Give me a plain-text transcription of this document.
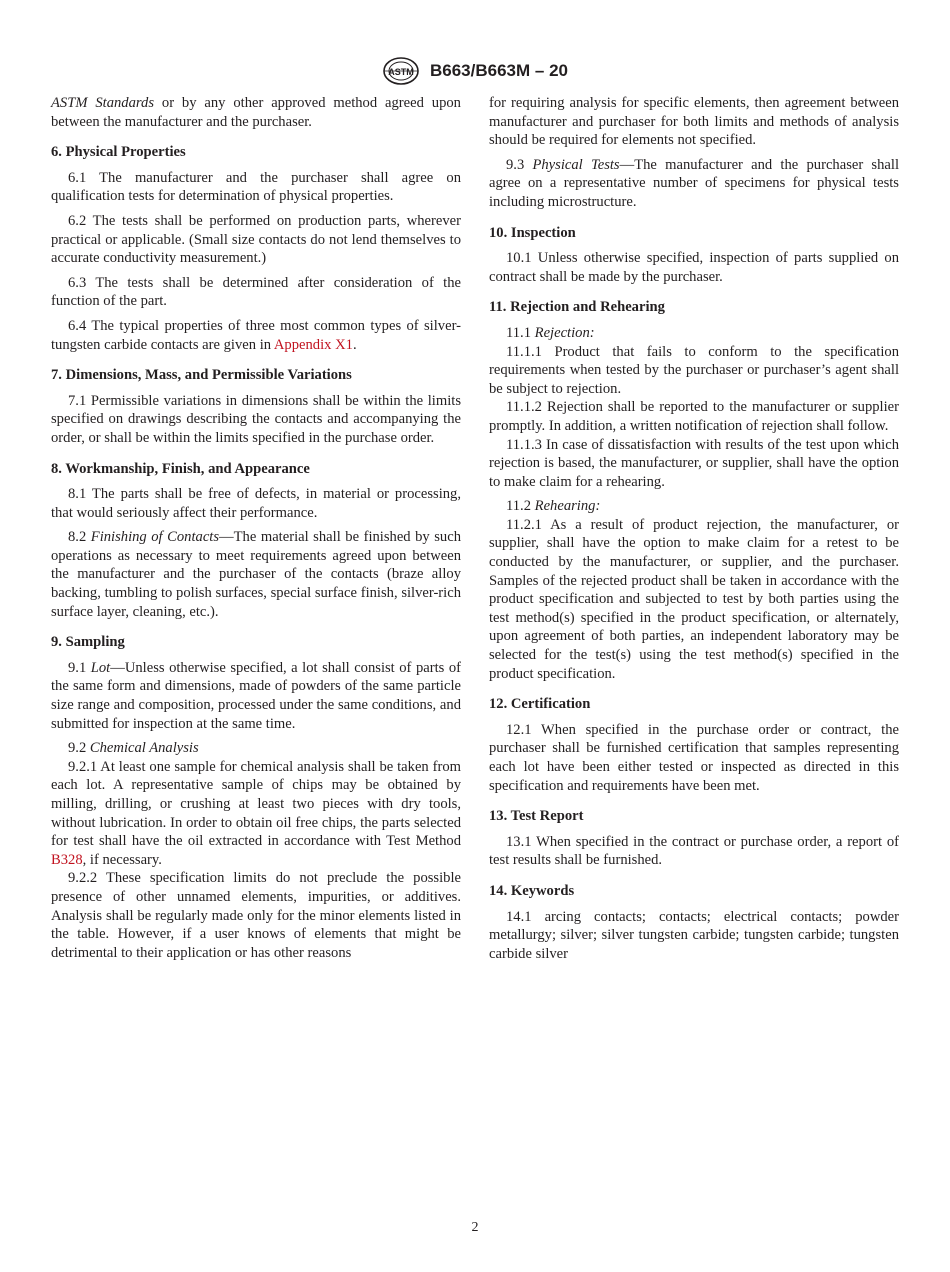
ASTM B663/B663M – 20

ASTM Standards or by any other approved method agreed upon between the manufacturer and the purchaser.

6. Physical Properties

6.1 The manufacturer and the purchaser shall agree on qualification tests for determination of physical properties.

6.2 The tests shall be performed on production parts, wherever practical or applicable. (Small size contacts do not lend themselves to accurate conductivity measurement.)

6.3 The tests shall be determined after consideration of the function of the part.

6.4 The typical properties of three most common types of silver-tungsten carbide contacts are given in Appendix X1.

7. Dimensions, Mass, and Permissible Variations

7.1 Permissible variations in dimensions shall be within the limits specified on drawings describing the contacts and accompanying the order, or shall be within the limits specified in the purchase order.

8. Workmanship, Finish, and Appearance

8.1 The parts shall be free of defects, in material or processing, that would seriously affect their performance.

8.2 Finishing of Contacts—The material shall be finished by such operations as necessary to meet requirements agreed upon between the manufacturer and the purchaser of the contacts (braze alloy backing, tumbling to polish surfaces, special surface finish, silver-rich surface layer, cleaning, etc.).

9. Sampling

9.1 Lot—Unless otherwise specified, a lot shall consist of parts of the same form and dimensions, made of powders of the same particle size range and composition, processed under the same conditions, and submitted for inspection at the same time.

9.2 Chemical Analysis

9.2.1 At least one sample for chemical analysis shall be taken from each lot. A representative sample of chips may be obtained by milling, drilling, or crushing at least two pieces with dry tools, without lubrication. In order to obtain oil free chips, the parts selected for test shall have the oil extracted in accordance with Test Method B328, if necessary.

9.2.2 These specification limits do not preclude the possible presence of other unnamed elements, impurities, or additives. Analysis shall be regularly made only for the minor elements listed in the table. However, if a user knows of elements that might be detrimental to their application or has other reasons

for requiring analysis for specific elements, then agreement between manufacturer and purchaser for both limits and methods of analysis should be required for elements not specified.

9.3 Physical Tests—The manufacturer and the purchaser shall agree on a representative number of specimens for physical tests including microstructure.

10. Inspection

10.1 Unless otherwise specified, inspection of parts supplied on contract shall be made by the purchaser.

11. Rejection and Rehearing

11.1 Rejection:

11.1.1 Product that fails to conform to the specification requirements when tested by the purchaser or purchaser’s agent shall be subject to rejection.

11.1.2 Rejection shall be reported to the manufacturer or supplier promptly. In addition, a written notification of rejection shall follow.

11.1.3 In case of dissatisfaction with results of the test upon which rejection is based, the manufacturer, or supplier, shall have the option to make claim for a rehearing.

11.2 Rehearing:

11.2.1 As a result of product rejection, the manufacturer, or supplier, shall have the option to make claim for a retest to be conducted by the manufacturer, or supplier, and the purchaser. Samples of the rejected product shall be taken in accordance with the product specification and subjected to test by both parties using the test method(s) specified in the product specification, or alternately, upon agreement of both parties, an independent laboratory may be selected for the test(s) using the test method(s) specified in the product specification.

12. Certification

12.1 When specified in the purchase order or contract, the purchaser shall be furnished certification that samples representing each lot have been either tested or inspected as directed in this specification and requirements have been met.

13. Test Report

13.1 When specified in the contract or purchase order, a report of test results shall be furnished.

14. Keywords

14.1 arcing contacts; contacts; electrical contacts; powder metallurgy; silver; silver tungsten carbide; tungsten carbide; tungsten carbide silver

2
